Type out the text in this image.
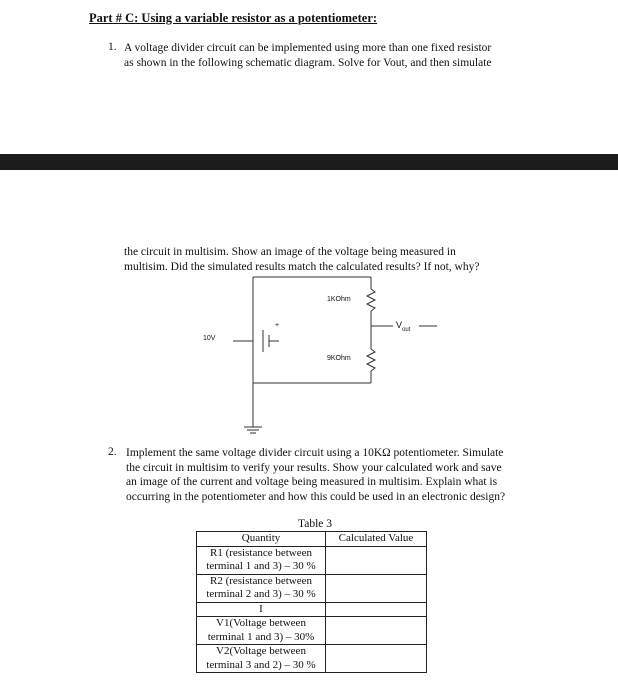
Part # C: Using a variable resistor as a potentiometer:
1. A voltage divider circuit can be implemented using more than one fixed resistor
as shown in the following schematic diagram. Solve for Vout, and then simulate
the circuit in multisim. Show an image of the voltage being measured in
multisim. Did the simulated results match the calculated results? If not, why?
10V
1KOhm
9KOhm
+	$V_{out}$
2. Implement the same voltage divider circuit using a 10KΩ potentiometer. Simulate
the circuit in multisim to verify your results. Show your calculated work and save
an image of the current and voltage being measured in multisim. Explain what is
occurring in the potentiometer and how this could be used in an electronic design?
Table 3
Quantity	Calculated Value

R1 (resistance between
terminal 1 and 3) – 30 %	

R2 (resistance between
terminal 2 and 3) – 30 %	

I	

V1(Voltage between
terminal 1 and 3) – 30%	

V2(Voltage between
terminal 3 and 2) – 30 %	
